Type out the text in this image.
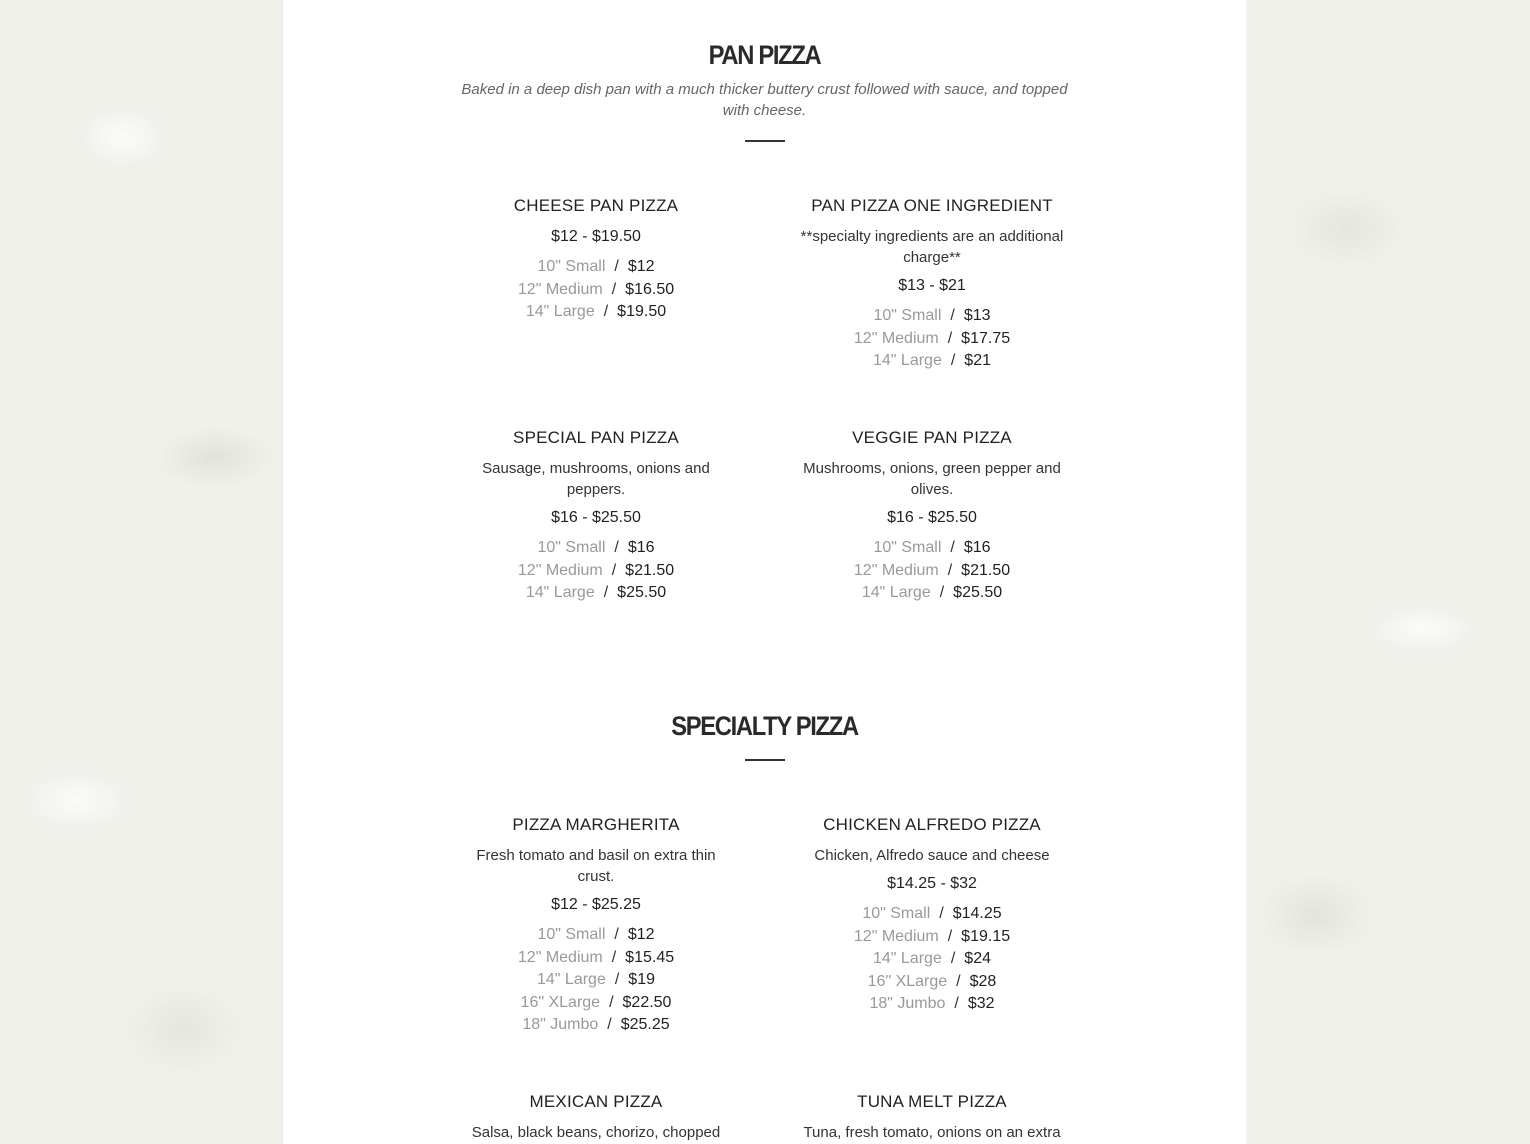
PAN PIZZA

Baked in a deep dish pan with a much thicker buttery crust followed with sauce, and topped with cheese.

CHEESE PAN PIZZA

$12 - $19.50

10" Small / $12
12" Medium / $16.50
14" Large / $19.50

PAN PIZZA ONE INGREDIENT

**specialty ingredients are an additional charge**

$13 - $21

10" Small / $13
12" Medium / $17.75
14" Large / $21

SPECIAL PAN PIZZA

Sausage, mushrooms, onions and peppers.

$16 - $25.50

10" Small / $16
12" Medium / $21.50
14" Large / $25.50

VEGGIE PAN PIZZA

Mushrooms, onions, green pepper and olives.

$16 - $25.50

10" Small / $16
12" Medium / $21.50
14" Large / $25.50
SPECIALTY PIZZA

PIZZA MARGHERITA

Fresh tomato and basil on extra thin crust.

$12 - $25.25

10" Small / $12
12" Medium / $15.45
14" Large / $19
16" XLarge / $22.50
18" Jumbo / $25.25

CHICKEN ALFREDO PIZZA

Chicken, Alfredo sauce and cheese

$14.25 - $32

10" Small / $14.25
12" Medium / $19.15
14" Large / $24
16" XLarge / $28
18" Jumbo / $32

MEXICAN PIZZA

Salsa, black beans, chorizo, chopped

TUNA MELT PIZZA

Tuna, fresh tomato, onions on an extra
